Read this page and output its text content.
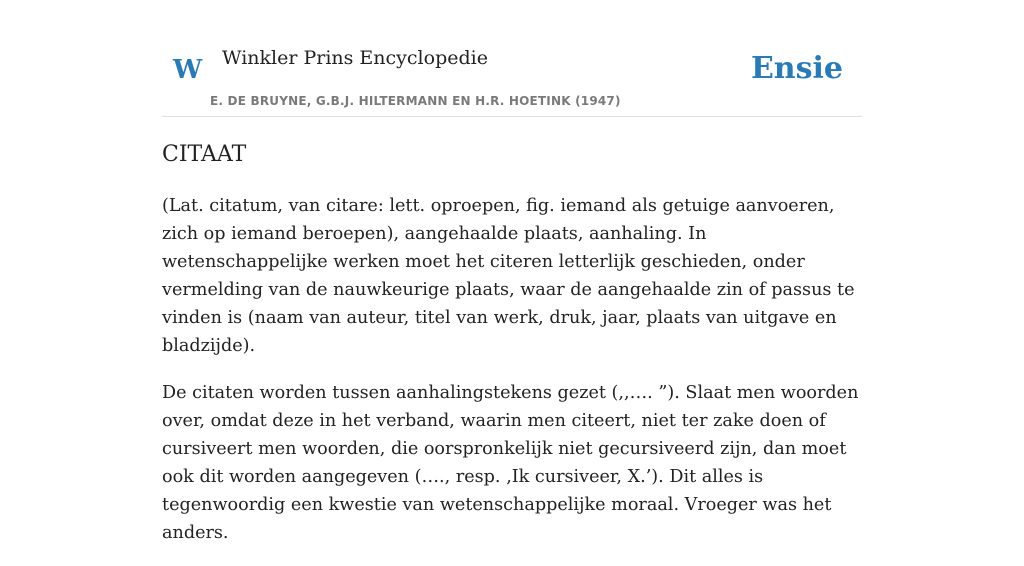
W Winkler Prins Encyclopedie
E. DE BRUYNE, G.B.J. HILTERMANN EN H.R. HOETINK (1947)
Ensie
CITAAT

(Lat. citatum, van citare: lett. oproepen, fig. iemand als getuige aanvoeren, zich op iemand beroepen), aangehaalde plaats, aanhaling. In wetenschappelijke werken moet het citeren letterlijk geschieden, onder vermelding van de nauwkeurige plaats, waar de aangehaalde zin of passus te vinden is (naam van auteur, titel van werk, druk, jaar, plaats van uitgave en bladzijde).

De citaten worden tussen aanhalingstekens gezet (,,…. ”). Slaat men woorden over, omdat deze in het verband, waarin men citeert, niet ter zake doen of cursiveert men woorden, die oorspronkelijk niet gecursiveerd zijn, dan moet ook dit worden aangegeven (…., resp. ‚Ik cursiveer, X.’). Dit alles is tegenwoordig een kwestie van wetenschappelijke moraal. Vroeger was het anders.
